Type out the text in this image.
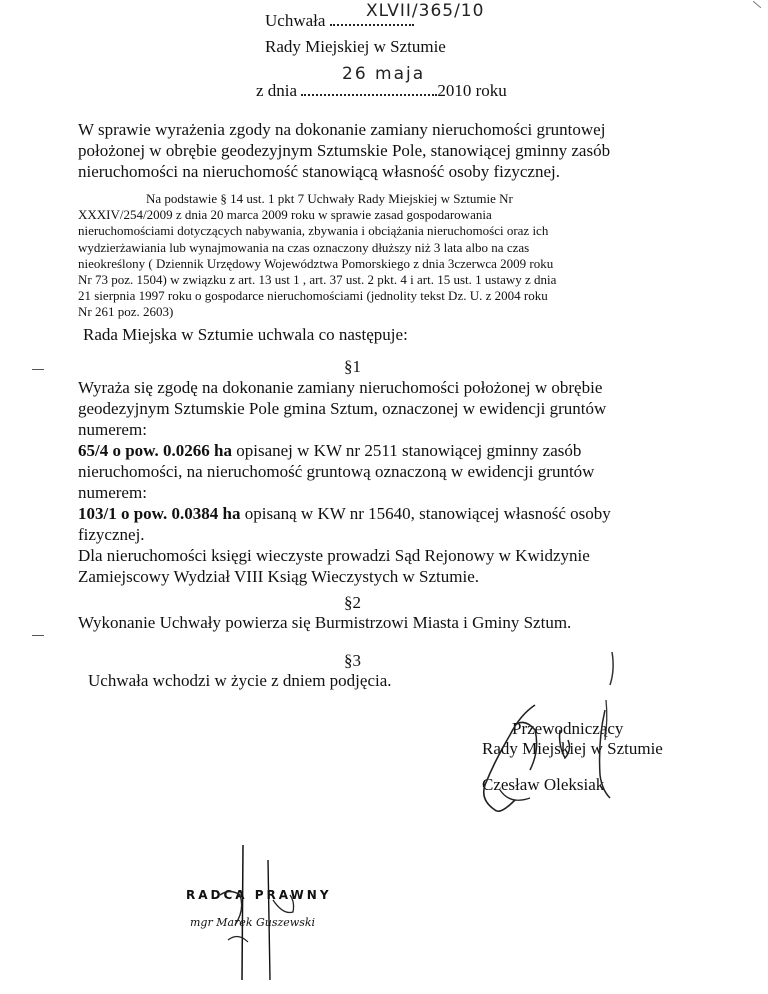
Uchwała	XLVII/365/10
Rady Miejskiej w Sztumie
z dnia	2010 roku
26 maja
W sprawie wyrażenia zgody na dokonanie zamiany nieruchomości gruntowej
położonej w obrębie geodezyjnym Sztumskie Pole, stanowiącej gminny zasób
nieruchomości na nieruchomość stanowiącą własność osoby fizycznej.
Na podstawie § 14 ust. 1 pkt 7 Uchwały Rady Miejskiej w Sztumie Nr
XXXIV/254/2009 z dnia 20 marca 2009 roku w sprawie zasad gospodarowania
nieruchomościami dotyczących nabywania, zbywania i obciążania nieruchomości oraz ich
wydzierżawiania lub wynajmowania na czas oznaczony dłuższy niż 3 lata albo na czas
nieokreślony ( Dziennik Urzędowy Województwa Pomorskiego z dnia 3czerwca 2009 roku
Nr 73 poz. 1504) w związku z art. 13 ust 1 , art. 37 ust. 2 pkt. 4 i art. 15 ust. 1 ustawy z dnia
21 sierpnia 1997 roku o gospodarce nieruchomościami (jednolity tekst Dz. U. z 2004 roku
Nr 261 poz. 2603)
Rada Miejska w Sztumie uchwala co następuje:
§1
Wyraża się zgodę na dokonanie zamiany nieruchomości położonej w obrębie
geodezyjnym Sztumskie Pole gmina Sztum, oznaczonej w ewidencji gruntów
numerem:
65/4 o pow. 0.0266 ha opisanej w KW nr 2511 stanowiącej gminny zasób
nieruchomości, na nieruchomość gruntową oznaczoną w ewidencji gruntów
numerem:
103/1 o pow. 0.0384 ha opisaną w KW nr 15640, stanowiącej własność osoby
fizycznej.
Dla nieruchomości księgi wieczyste prowadzi Sąd Rejonowy w Kwidzynie
Zamiejscowy Wydział VIII Ksiąg Wieczystych w Sztumie.
§2
Wykonanie Uchwały powierza się Burmistrzowi Miasta i Gminy Sztum.
§3
Uchwała wchodzi w życie z dniem podjęcia.
Przewodniczący
Rady Miejskiej w Sztumie
Czesław Oleksiak
RADCA PRAWNY
mgr Marek Guszewski
